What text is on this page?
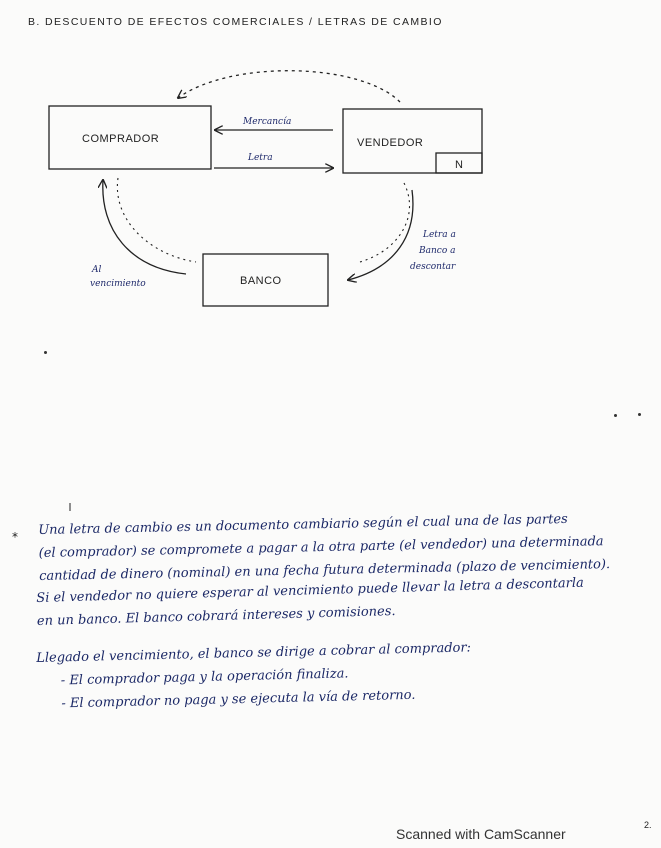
B. DESCUENTO DE EFECTOS COMERCIALES / LETRAS DE CAMBIO
COMPRADOR	VENDEDOR
N
BANCO
Mercancía
Letra
Letra a
Banco a
descontar
Al
vencimiento
* Una letra de cambio es un documento cambiario según el cual una de las partes
(el comprador) se compromete a pagar a la otra parte (el vendedor) una determinada
cantidad de dinero (nominal) en una fecha futura determinada (plazo de vencimiento).
Si el vendedor no quiere esperar al vencimiento puede llevar la letra a descontarla
en un banco. El banco cobrará intereses y comisiones.
Llegado el vencimiento, el banco se dirige a cobrar al comprador:
- El comprador paga y la operación finaliza.
- El comprador no paga y se ejecuta la vía de retorno.
Scanned with CamScanner
2.
